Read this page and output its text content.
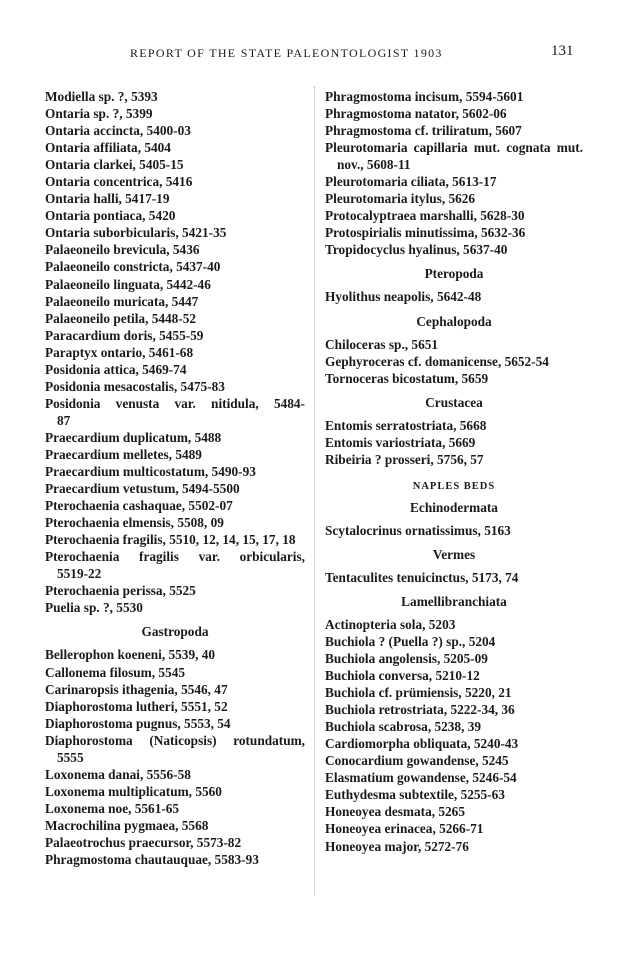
REPORT OF THE STATE PALEONTOLOGIST 1903	131
Modiella sp. ?, 5393
Ontaria sp. ?, 5399
Ontaria accincta, 5400-03
Ontaria affiliata, 5404
Ontaria clarkei, 5405-15
Ontaria concentrica, 5416
Ontaria halli, 5417-19
Ontaria pontiaca, 5420
Ontaria suborbicularis, 5421-35
Palaeoneilo brevicula, 5436
Palaeoneilo constricta, 5437-40
Palaeoneilo linguata, 5442-46
Palaeoneilo muricata, 5447
Palaeoneilo petila, 5448-52
Paracardium doris, 5455-59
Paraptyx ontario, 5461-68
Posidonia attica, 5469-74
Posidonia mesacostalis, 5475-83
Posidonia venusta var. nitidula, 5484-87
Praecardium duplicatum, 5488
Praecardium melletes, 5489
Praecardium multicostatum, 5490-93
Praecardium vetustum, 5494-5500
Pterochaenia cashaquae, 5502-07
Pterochaenia elmensis, 5508, 09
Pterochaenia fragilis, 5510, 12, 14, 15, 17, 18
Pterochaenia fragilis var. orbicularis, 5519-22
Pterochaenia perissa, 5525
Puelia sp. ?, 5530
Gastropoda
Bellerophon koeneni, 5539, 40
Callonema filosum, 5545
Carinaropsis ithagenia, 5546, 47
Diaphorostoma lutheri, 5551, 52
Diaphorostoma pugnus, 5553, 54
Diaphorostoma (Naticopsis) rotundatum, 5555
Loxonema danai, 5556-58
Loxonema multiplicatum, 5560
Loxonema noe, 5561-65
Macrochilina pygmaea, 5568
Palaeotrochus praecursor, 5573-82
Phragmostoma chautauquae, 5583-93
Phragmostoma incisum, 5594-5601
Phragmostoma natator, 5602-06
Phragmostoma cf. triliratum, 5607
Pleurotomaria capillaria mut. cognata mut. nov., 5608-11
Pleurotomaria ciliata, 5613-17
Pleurotomaria itylus, 5626
Protocalyptraea marshalli, 5628-30
Protospirialis minutissima, 5632-36
Tropidocyclus hyalinus, 5637-40
Pteropoda
Hyolithus neapolis, 5642-48
Cephalopoda
Chiloceras sp., 5651
Gephyroceras cf. domanicense, 5652-54
Tornoceras bicostatum, 5659
Crustacea
Entomis serratostriata, 5668
Entomis variostriata, 5669
Ribeiria ? prosseri, 5756, 57
NAPLES BEDS
Echinodermata
Scytalocrinus ornatissimus, 5163
Vermes
Tentaculites tenuicinctus, 5173, 74
Lamellibranchiata
Actinopteria sola, 5203
Buchiola ? (Puella ?) sp., 5204
Buchiola angolensis, 5205-09
Buchiola conversa, 5210-12
Buchiola cf. prümiensis, 5220, 21
Buchiola retrostriata, 5222-34, 36
Buchiola scabrosa, 5238, 39
Cardiomorpha obliquata, 5240-43
Conocardium gowandense, 5245
Elasmatium gowandense, 5246-54
Euthydesma subtextile, 5255-63
Honeoyea desmata, 5265
Honeoyea erinacea, 5266-71
Honeoyea major, 5272-76
